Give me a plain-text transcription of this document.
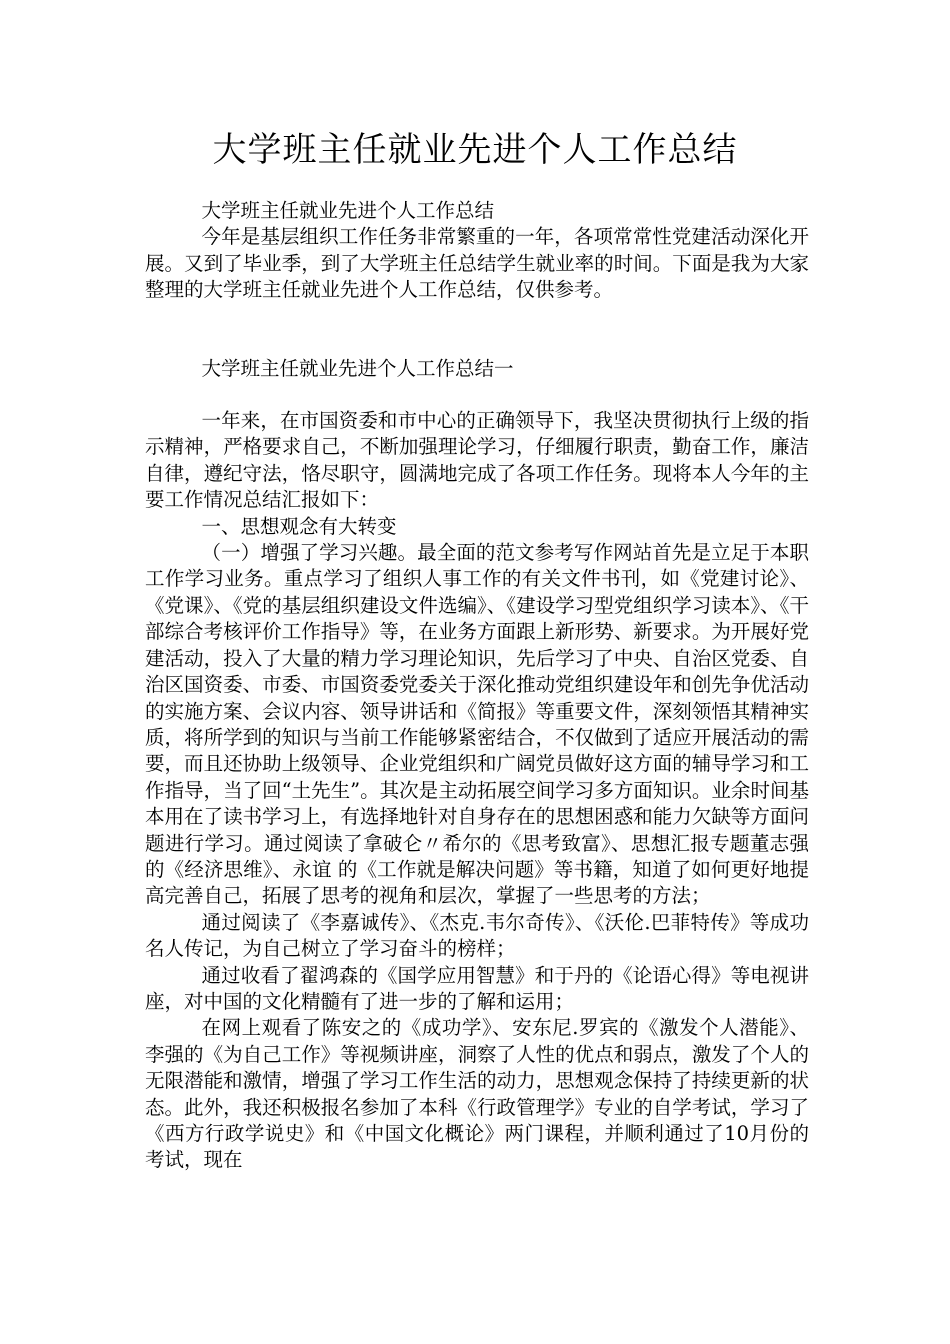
大学班主任就业先进个人工作总结

大学班主任就业先进个人工作总结

今年是基层组织工作任务非常繁重的一年，各项常常性党建活动深化开展。又到了毕业季，到了大学班主任总结学生就业率的时间。下面是我为大家整理的大学班主任就业先进个人工作总结，仅供参考。

大学班主任就业先进个人工作总结一

一年来，在市国资委和市中心的正确领导下，我坚决贯彻执行上级的指示精神，严格要求自己，不断加强理论学习，仔细履行职责，勤奋工作，廉洁自律，遵纪守法，恪尽职守，圆满地完成了各项工作任务。现将本人今年的主要工作情况总结汇报如下：

一、思想观念有大转变

（一）增强了学习兴趣。最全面的范文参考写作网站首先是立足于本职工作学习业务。重点学习了组织人事工作的有关文件书刊，如《党建讨论》、《党课》、《党的基层组织建设文件选编》、《建设学习型党组织学习读本》、《干部综合考核评价工作指导》等，在业务方面跟上新形势、新要求。为开展好党建活动，投入了大量的精力学习理论知识，先后学习了中央、自治区党委、自治区国资委、市委、市国资委党委关于深化推动党组织建设年和创先争优活动的实施方案、会议内容、领导讲话和《简报》等重要文件，深刻领悟其精神实质，将所学到的知识与当前工作能够紧密结合，不仅做到了适应开展活动的需要，而且还协助上级领导、企业党组织和广阔党员做好这方面的辅导学习和工作指导，当了回“土先生”。其次是主动拓展空间学习多方面知识。业余时间基本用在了读书学习上，有选择地针对自身存在的思想困惑和能力欠缺等方面问题进行学习。通过阅读了拿破仑〃希尔的《思考致富》、思想汇报专题董志强的《经济思维》、永谊 的《工作就是解决问题》等书籍，知道了如何更好地提高完善自己，拓展了思考的视角和层次，掌握了一些思考的方法；

通过阅读了《李嘉诚传》、《杰克.韦尔奇传》、《沃伦.巴菲特传》等成功名人传记，为自己树立了学习奋斗的榜样；

通过收看了翟鸿森的《国学应用智慧》和于丹的《论语心得》等电视讲座，对中国的文化精髓有了进一步的了解和运用；

在网上观看了陈安之的《成功学》、安东尼.罗宾的《激发个人潜能》、李强的《为自己工作》等视频讲座，洞察了人性的优点和弱点，激发了个人的无限潜能和激情，增强了学习工作生活的动力，思想观念保持了持续更新的状态。此外，我还积极报名参加了本科《行政管理学》专业的自学考试，学习了《西方行政学说史》和《中国文化概论》两门课程，并顺利通过了10月份的考试，现在
